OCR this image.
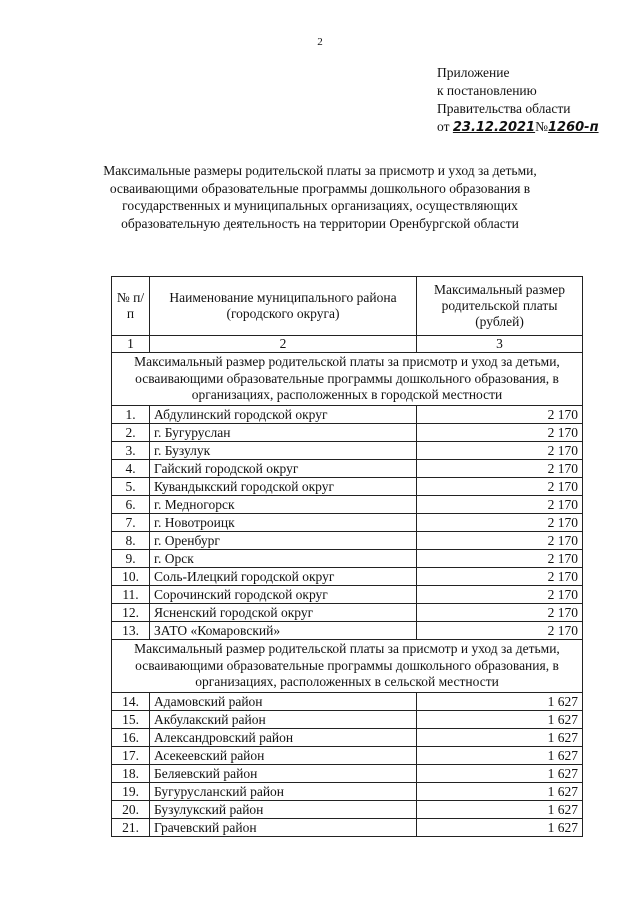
2
Приложение
к постановлению
Правительства области
от 23.12.2021№1260-п
Максимальные размеры родительской платы за присмотр и уход за детьми, осваивающими образовательные программы дошкольного образования в государственных и муниципальных организациях, осуществляющих образовательную деятельность на территории Оренбургской области
№ п/п	Наименование муниципального района (городского округа)	Максимальный размер родительской платы (рублей)
1	2	3
Максимальный размер родительской платы за присмотр и уход за детьми, осваивающими образовательные программы дошкольного образования, в организациях, расположенных в городской местности		
1.	Абдулинский городской округ	2 170
2.	г. Бугуруслан	2 170
3.	г. Бузулук	2 170
4.	Гайский городской округ	2 170
5.	Кувандыкский городской округ	2 170
6.	г. Медногорск	2 170
7.	г. Новотроицк	2 170
8.	г. Оренбург	2 170
9.	г. Орск	2 170
10.	Соль-Илецкий городской округ	2 170
11.	Сорочинский городской округ	2 170
12.	Ясненский городской округ	2 170
13.	ЗАТО «Комаровский»	2 170
Максимальный размер родительской платы за присмотр и уход за детьми, осваивающими образовательные программы дошкольного образования, в организациях, расположенных в сельской местности		
14.	Адамовский район	1 627
15.	Акбулакский район	1 627
16.	Александровский район	1 627
17.	Асекеевский район	1 627
18.	Беляевский район	1 627
19.	Бугурусланский район	1 627
20.	Бузулукский район	1 627
21.	Грачевский район	1 627
